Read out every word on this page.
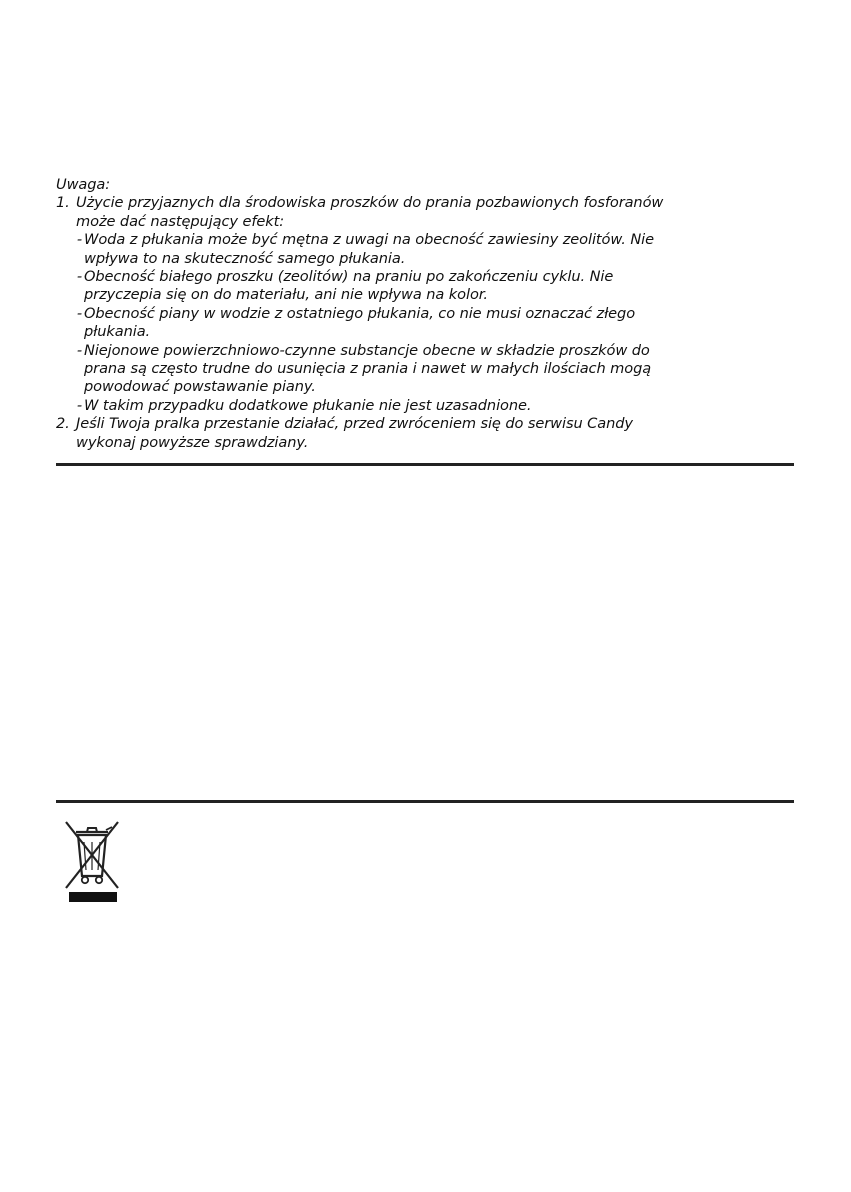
Uwaga:
1. Użycie przyjaznych dla środowiska proszków do prania pozbawionych fosforanów
może dać następujący efekt:
-
Woda z płukania może być mętna z uwagi na obecność zawiesiny zeolitów. Nie
wpływa to na skuteczność samego płukania.
-
Obecność białego proszku (zeolitów) na praniu po zakończeniu cyklu. Nie
przyczepia się on do materiału, ani nie wpływa na kolor.
-
Obecność piany w wodzie z ostatniego płukania, co nie musi oznaczać złego
płukania.
-
Niejonowe powierzchniowo-czynne substancje obecne w składzie proszków do
prana są często trudne do usunięcia z prania i nawet w małych ilościach mogą
powodować powstawanie piany.
-
W takim przypadku dodatkowe płukanie nie jest uzasadnione.
2. Jeśli Twoja pralka przestanie działać, przed zwróceniem się do serwisu Candy
wykonaj powyższe sprawdziany.
